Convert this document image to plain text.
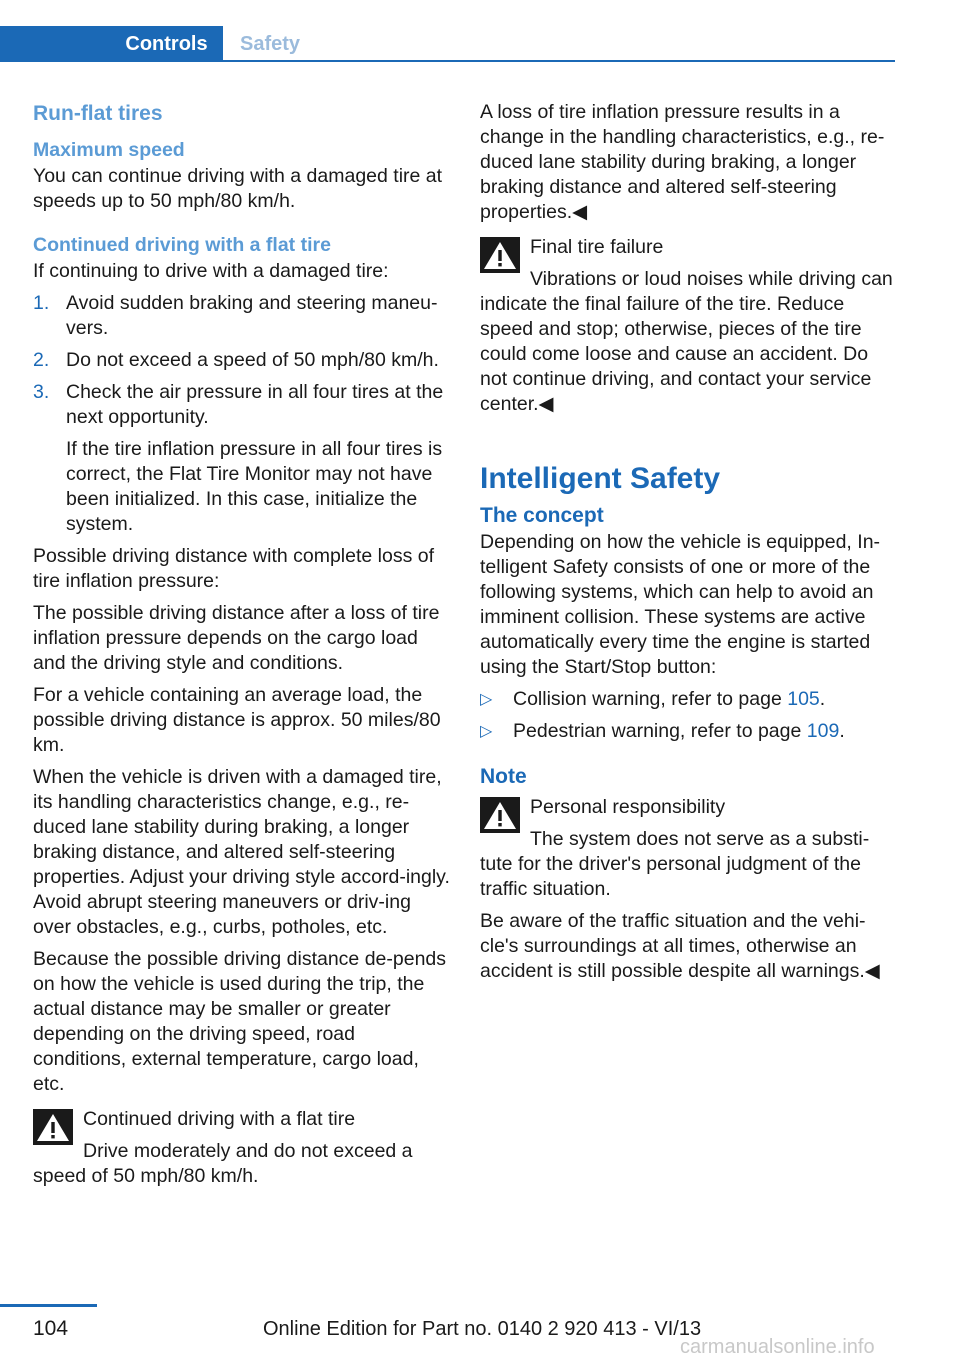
Controls Safety
Run-flat tires
Maximum speed

You can continue driving with a damaged tire at speeds up to 50 mph/80 km/h.

Continued driving with a flat tire

If continuing to drive with a damaged tire:

1. Avoid sudden braking and steering maneu-vers.
2. Do not exceed a speed of 50 mph/80 km/h.
3. Check the air pressure in all four tires at the next opportunity.

If the tire inflation pressure in all four tires is correct, the Flat Tire Monitor may not have been initialized. In this case, initialize the system.

Possible driving distance with complete loss of tire inflation pressure:

The possible driving distance after a loss of tire inflation pressure depends on the cargo load and the driving style and conditions.

For a vehicle containing an average load, the possible driving distance is approx. 50 miles/80 km.

When the vehicle is driven with a damaged tire, its handling characteristics change, e.g., re-duced lane stability during braking, a longer braking distance, and altered self-steering properties. Adjust your driving style accord-ingly. Avoid abrupt steering maneuvers or driv-ing over obstacles, e.g., curbs, potholes, etc.

Because the possible driving distance de-pends on how the vehicle is used during the trip, the actual distance may be smaller or greater depending on the driving speed, road conditions, external temperature, cargo load, etc.

Continued driving with a flat tire

Drive moderately and do not exceed a speed of 50 mph/80 km/h.

A loss of tire inflation pressure results in a change in the handling characteristics, e.g., re-duced lane stability during braking, a longer braking distance and altered self-steering properties.◀

Final tire failure

Vibrations or loud noises while driving can indicate the final failure of the tire. Reduce speed and stop; otherwise, pieces of the tire could come loose and cause an accident. Do not continue driving, and contact your service center.◀

Intelligent Safety
The concept

Depending on how the vehicle is equipped, In-telligent Safety consists of one or more of the following systems, which can help to avoid an imminent collision. These systems are active automatically every time the engine is started using the Start/Stop button:

▷	Collision warning, refer to page 105.
▷	Pedestrian warning, refer to page 109.
Note

Personal responsibility

The system does not serve as a substi-tute for the driver's personal judgment of the traffic situation.

Be aware of the traffic situation and the vehi-cle's surroundings at all times, otherwise an accident is still possible despite all warnings.◀

104	Online Edition for Part no. 0140 2 920 413 - VI/13
carmanualsonline.info
